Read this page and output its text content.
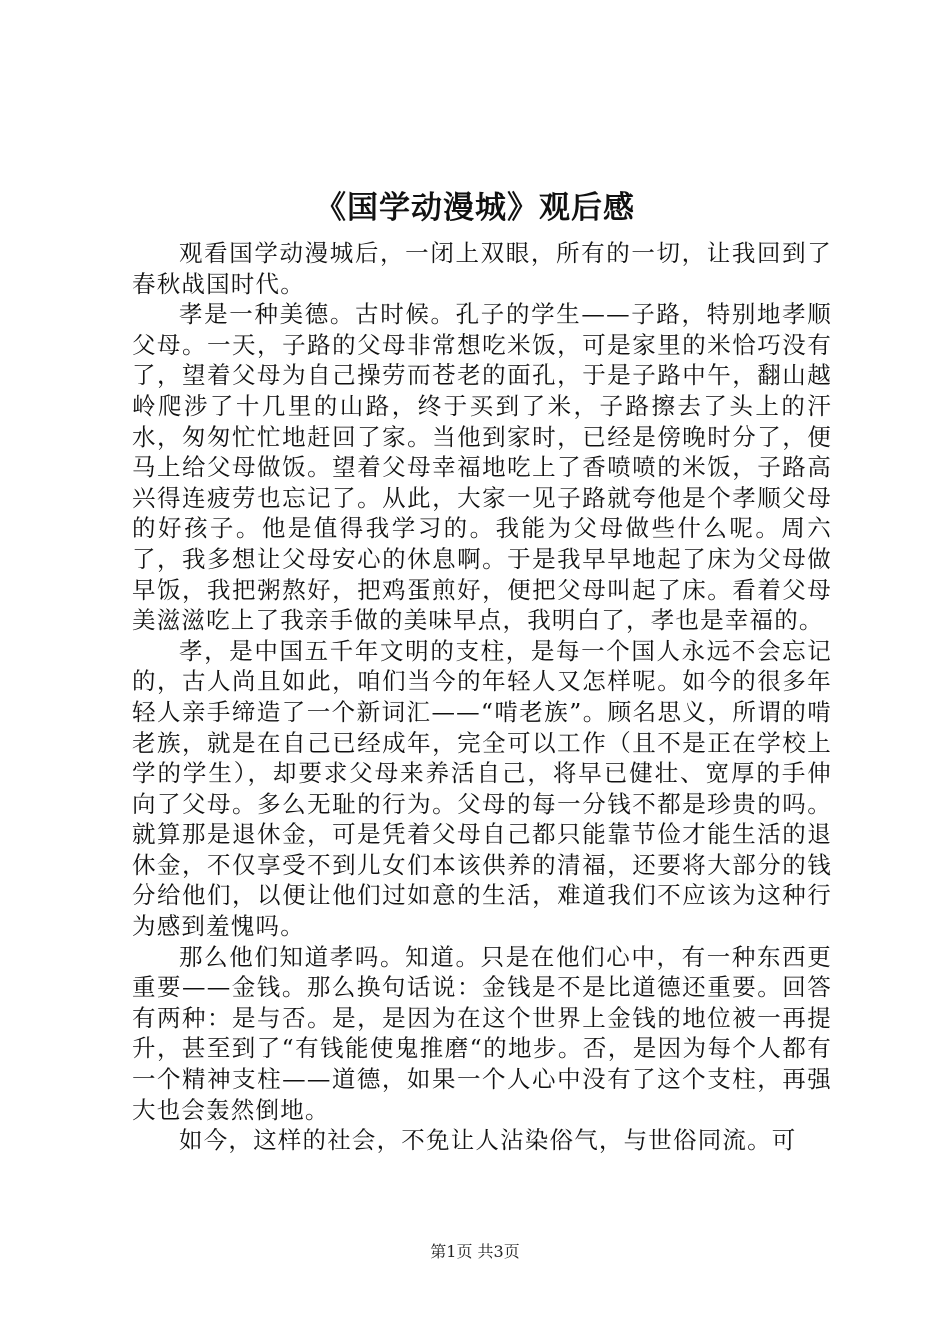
《国学动漫城》观后感

观看国学动漫城后，一闭上双眼，所有的一切，让我回到了春秋战国时代。

孝是一种美德。古时候。孔子的学生——子路，特别地孝顺父母。一天，子路的父母非常想吃米饭，可是家里的米恰巧没有了，望着父母为自己操劳而苍老的面孔，于是子路中午，翻山越岭爬涉了十几里的山路，终于买到了米，子路擦去了头上的汗水，匆匆忙忙地赶回了家。当他到家时，已经是傍晚时分了，便马上给父母做饭。望着父母幸福地吃上了香喷喷的米饭，子路高兴得连疲劳也忘记了。从此，大家一见子路就夸他是个孝顺父母的好孩子。他是值得我学习的。我能为父母做些什么呢。周六了，我多想让父母安心的休息啊。于是我早早地起了床为父母做早饭，我把粥熬好，把鸡蛋煎好，便把父母叫起了床。看着父母美滋滋吃上了我亲手做的美味早点，我明白了，孝也是幸福的。

孝，是中国五千年文明的支柱，是每一个国人永远不会忘记的，古人尚且如此，咱们当今的年轻人又怎样呢。如今的很多年轻人亲手缔造了一个新词汇——“啃老族”。顾名思义，所谓的啃老族，就是在自己已经成年，完全可以工作（且不是正在学校上学的学生），却要求父母来养活自己，将早已健壮、宽厚的手伸向了父母。多么无耻的行为。父母的每一分钱不都是珍贵的吗。就算那是退休金，可是凭着父母自己都只能靠节俭才能生活的退休金，不仅享受不到儿女们本该供养的清福，还要将大部分的钱分给他们，以便让他们过如意的生活，难道我们不应该为这种行为感到羞愧吗。

那么他们知道孝吗。知道。只是在他们心中，有一种东西更重要——金钱。那么换句话说：金钱是不是比道德还重要。回答有两种：是与否。是，是因为在这个世界上金钱的地位被一再提升，甚至到了“有钱能使鬼推磨“的地步。否，是因为每个人都有一个精神支柱——道德，如果一个人心中没有了这个支柱，再强大也会轰然倒地。

如今，这样的社会，不免让人沾染俗气，与世俗同流。可

第1页 共3页
